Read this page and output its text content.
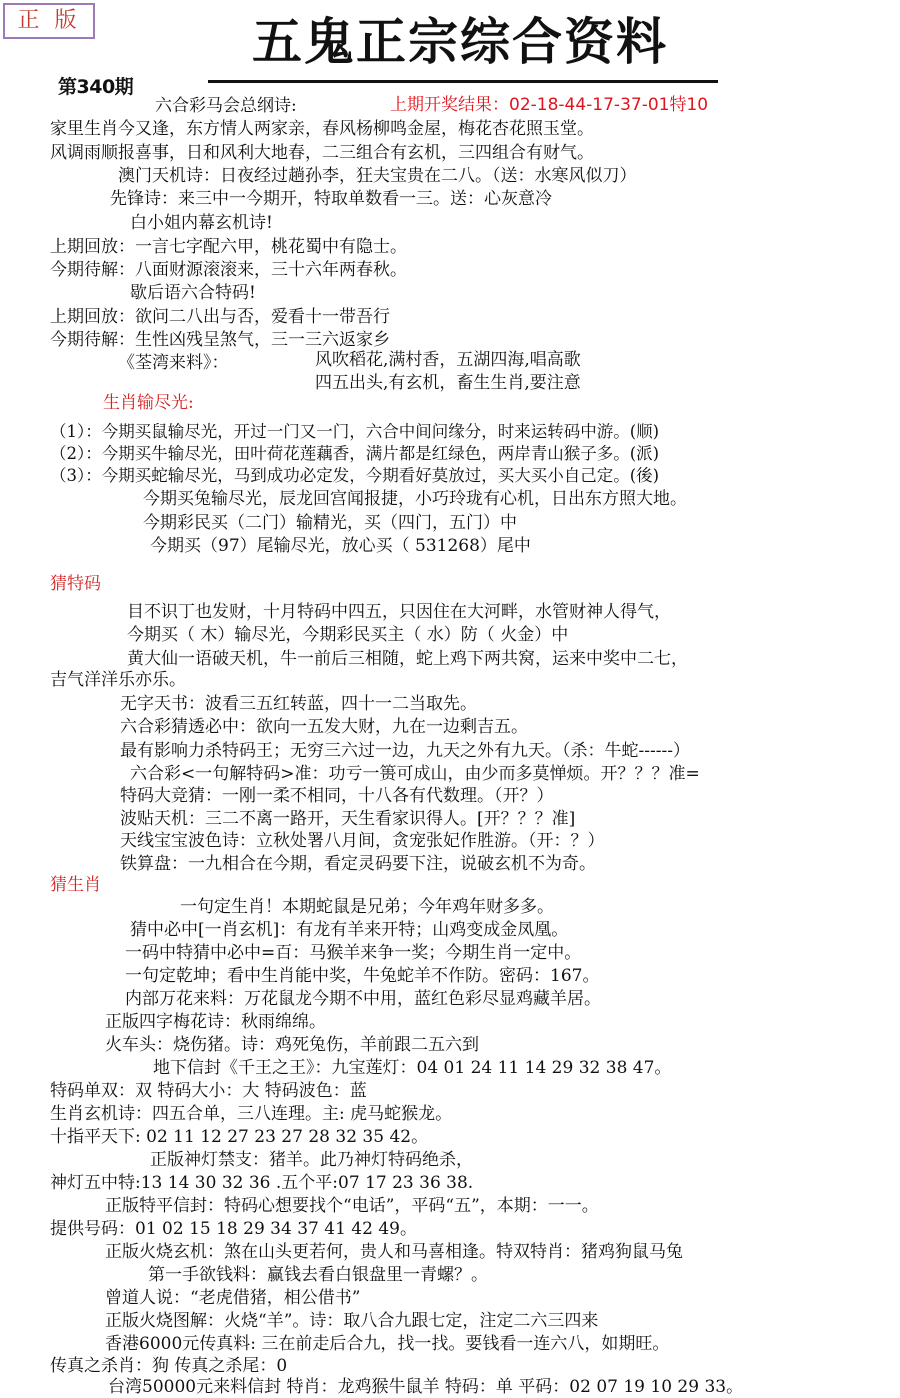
正 版	五鬼正宗综合资料
第340期
上期开奖结果：02-18-44-17-37-01特10
六合彩马会总纲诗:
家里生肖今又逢，东方情人两家亲，春风杨柳鸣金屋，梅花杏花照玉堂。
风调雨顺报喜事，日和风利大地春，二三组合有玄机，三四组合有财气。
澳门天机诗：日夜经过趟孙李，狂夫宝贵在二八。（送：水寒风似刀）
先锋诗：来三中一今期开，特取单数看一三。送：心灰意冷
白小姐内幕玄机诗!
上期回放：一言七字配六甲，桃花蜀中有隐士。
今期待解：八面财源滚滚来，三十六年两春秋。
歇后语六合特码!
上期回放：欲问二八出与否，爱看十一带吾行
今期待解：生性凶残呈煞气，三一三六返家乡
《荃湾来料》：	风吹稻花,满村香，五湖四海,唱高歌
四五出头,有玄机，畜生生肖,要注意
生肖输尽光:
（1）：今期买鼠输尽光，开过一门又一门，六合中间问缘分，时来运转码中游。(顺)
（2）：今期买牛输尽光，田叶荷花莲藕香，满片都是红绿色，两岸青山猴子多。(派)
（3）：今期买蛇输尽光，马到成功必定发，今期看好莫放过，买大买小自己定。(後)
今期买兔输尽光，辰龙回宫闻报捷，小巧玲珑有心机，日出东方照大地。
今期彩民买（二门）输精光，买（四门，五门）中
今期买（97）尾输尽光，放心买（ 531268）尾中
猜特码
目不识丁也发财，十月特码中四五，只因住在大河畔，水管财神人得气，
今期买（ 木）输尽光，今期彩民买主（ 水）防（ 火金）中
黄大仙一语破天机，牛一前后三相随，蛇上鸡下两共窝，运来中奖中二七，
吉气洋洋乐亦乐。
无字天书：波看三五红转蓝，四十一二当取先。
六合彩猜透必中：欲向一五发大财，九在一边剩吉五。
最有影响力杀特码王；无穷三六过一边，九天之外有九天。（杀：牛蛇------）
六合彩<一句解特码>准：功亏一篑可成山，由少而多莫惮烦。开？？？准=
特码大竞猜：一刚一柔不相同，十八各有代数理。（开？）
波贴天机：三二不离一路开，天生看家识得人。[开？？？准]
天线宝宝波色诗：立秋处署八月间，贪宠张妃作胜游。（开：？）
铁算盘：一九相合在今期，看定灵码要下注，说破玄机不为奇。
猜生肖
一句定生肖！本期蛇鼠是兄弟；今年鸡年财多多。
猜中必中[一肖玄机]：有龙有羊来开特；山鸡变成金凤凰。
一码中特猜中必中=百：马猴羊来争一奖；今期生肖一定中。
一句定乾坤；看中生肖能中奖，牛兔蛇羊不作防。密码：167。
内部万花来料：万花鼠龙今期不中用，蓝红色彩尽显鸡藏羊居。
正版四字梅花诗：秋雨绵绵。
火车头：烧伤猪。诗：鸡死兔伤，羊前跟二五六到
地下信封《千王之王》：九宝莲灯：04 01 24 11 14 29 32 38 47。
特码单双：双 特码大小：大 特码波色：蓝
生肖玄机诗：四五合单，三八连理。主: 虎马蛇猴龙。
十指平天下: 02 11 12 27 23 27 28 32 35 42。
正版神灯禁支：猪羊。此乃神灯特码绝杀，
神灯五中特:13 14 30 32 36 .五个平:07 17 23 36 38.
正版特平信封：特码心想要找个“电话”，平码“五”，本期：一一。
提供号码：01 02 15 18 29 34 37 41 42 49。
正版火烧玄机：煞在山头更若何，贵人和马喜相逢。特双特肖：猪鸡狗鼠马兔
第一手欲钱料：赢钱去看白银盘里一青螺？。
曾道人说：“老虎借猪，相公借书”
正版火烧图解：火烧“羊”。诗：取八合九跟七定，注定二六三四来
香港6000元传真料: 三在前走后合九，找一找。要钱看一连六八，如期旺。
传真之杀肖：狗 传真之杀尾：0
台湾50000元来料信封 特肖：龙鸡猴牛鼠羊 特码：单 平码：02 07 19 10 29 33。
